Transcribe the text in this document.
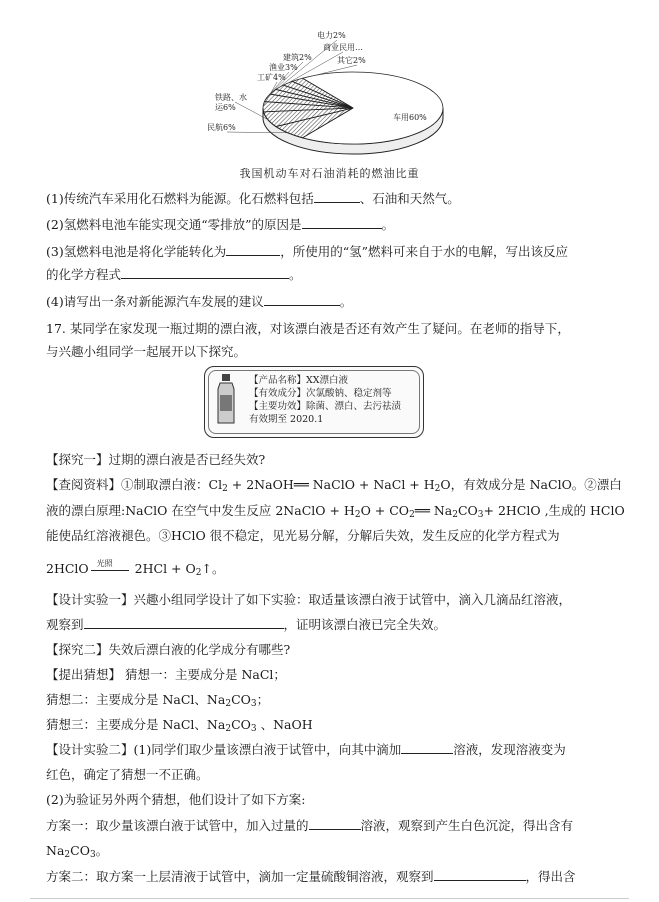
车用60%
民航6%
铁路、水运6%
工矿4%
渔业3%
建筑2%
电力2%
商业民用…
其它2%
我国机动车对石油消耗的燃油比重
(1)传统汽车采用化石燃料为能源。化石燃料包括	、石油和天然气。
(2)氢燃料电池车能实现交通“零排放”的原因是	。
(3)氢燃料电池是将化学能转化为	，所使用的“氢”燃料可来自于水的电解，写出该反应
的化学方程式	。
(4)请写出一条对新能源汽车发展的建议	。
17. 某同学在家发现一瓶过期的漂白液，对该漂白液是否还有效产生了疑问。在老师的指导下，
与兴趣小组同学一起展开以下探究。
【产品名称】XX漂白液
【有效成分】次氯酸钠、稳定剂等
【主要功效】除菌、漂白、去污祛渍
有效期至 2020.1
【探究一】过期的漂白液是否已经失效?
【查阅资料】①制取漂白液：$Cl_2$ + 2NaOH══ NaClO + NaCl + $H_2O$，有效成分是 NaClO。②漂白
液的漂白原理:NaClO 在空气中发生反应 2NaClO + $H_2O$ + $CO_2══$ $Na_2CO_3+$ 2HClO ,生成的 HClO
能使品红溶液褪色。③HClO 很不稳定，见光易分解，分解后失效，发生反应的化学方程式为
2HClO 光照 $2HCl + O_2↑$。
【设计实验一】兴趣小组同学设计了如下实验：取适量该漂白液于试管中，滴入几滴品红溶液，
观察到	，证明该漂白液已完全失效。
【探究二】失效后漂白液的化学成分有哪些?
【提出猜想】 猜想一：主要成分是 NaCl；
猜想二：主要成分是 NaCl、$Na_2CO_3$；
猜想三：主要成分是 NaCl、$Na_2CO_3$ 、NaOH
【设计实验二】(1)同学们取少量该漂白液于试管中，向其中滴加	溶液，发现溶液变为
红色，确定了猜想一不正确。
(2)为验证另外两个猜想，他们设计了如下方案:
方案一：取少量该漂白液于试管中，加入过量的	溶液，观察到产生白色沉淀，得出含有
$Na_2CO_3$。
方案二：取方案一上层清液于试管中，滴加一定量硫酸铜溶液，观察到	，得出含
